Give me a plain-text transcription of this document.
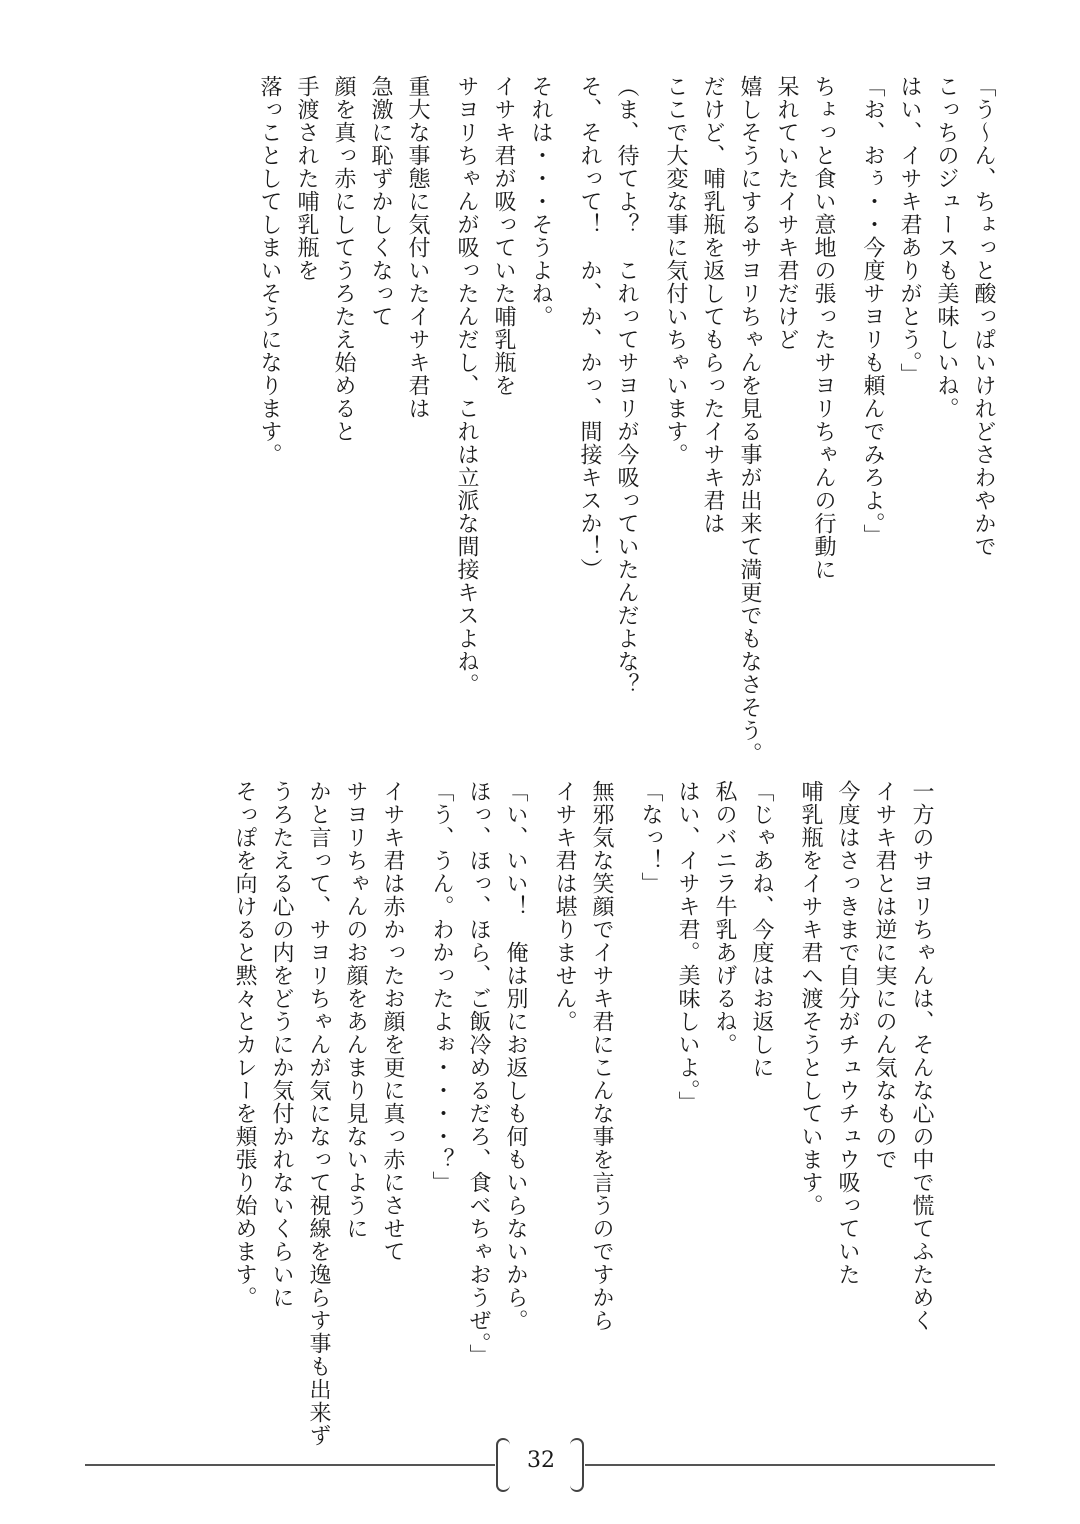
「う〜ん、ちょっと酸っぱいけれどさわやかで
こっちのジュースも美味しいね。
はい、イサキ君ありがとう。」
「お、おぅ・・今度サヨリも頼んでみろよ。」
ちょっと食い意地の張ったサヨリちゃんの行動に
呆れていたイサキ君だけど
嬉しそうにするサヨリちゃんを見る事が出来て満更でもなさそう。
だけど、哺乳瓶を返してもらったイサキ君は
ここで大変な事に気付いちゃいます。
（ま、待てよ？　これってサヨリが今吸っていたんだよな？
そ、それって！　か、か、かっ、間接キスか！）
それは・・・そうよね。
イサキ君が吸っていた哺乳瓶を
サヨリちゃんが吸ったんだし、これは立派な間接キスよね。
重大な事態に気付いたイサキ君は
急激に恥ずかしくなって
顔を真っ赤にしてうろたえ始めると
手渡された哺乳瓶を
落っことしてしまいそうになります。
一方のサヨリちゃんは、そんな心の中で慌てふためく
イサキ君とは逆に実にのん気なもので
今度はさっきまで自分がチュウチュウ吸っていた
哺乳瓶をイサキ君へ渡そうとしています。
「じゃあね、今度はお返しに
私のバニラ牛乳あげるね。
はい、イサキ君。美味しいよ。」
「なっ！」
無邪気な笑顔でイサキ君にこんな事を言うのですから
イサキ君は堪りません。
「い、いい！　俺は別にお返しも何もいらないから。
ほっ、ほっ、ほら、ご飯冷めるだろ、食べちゃおうぜ。」
「う、うん。わかったよぉ・・・・？」
イサキ君は赤かったお顔を更に真っ赤にさせて
サヨリちゃんのお顔をあんまり見ないように
かと言って、サヨリちゃんが気になって視線を逸らす事も出来ず
うろたえる心の内をどうにか気付かれないくらいに
そっぽを向けると黙々とカレーを頬張り始めます。
32
